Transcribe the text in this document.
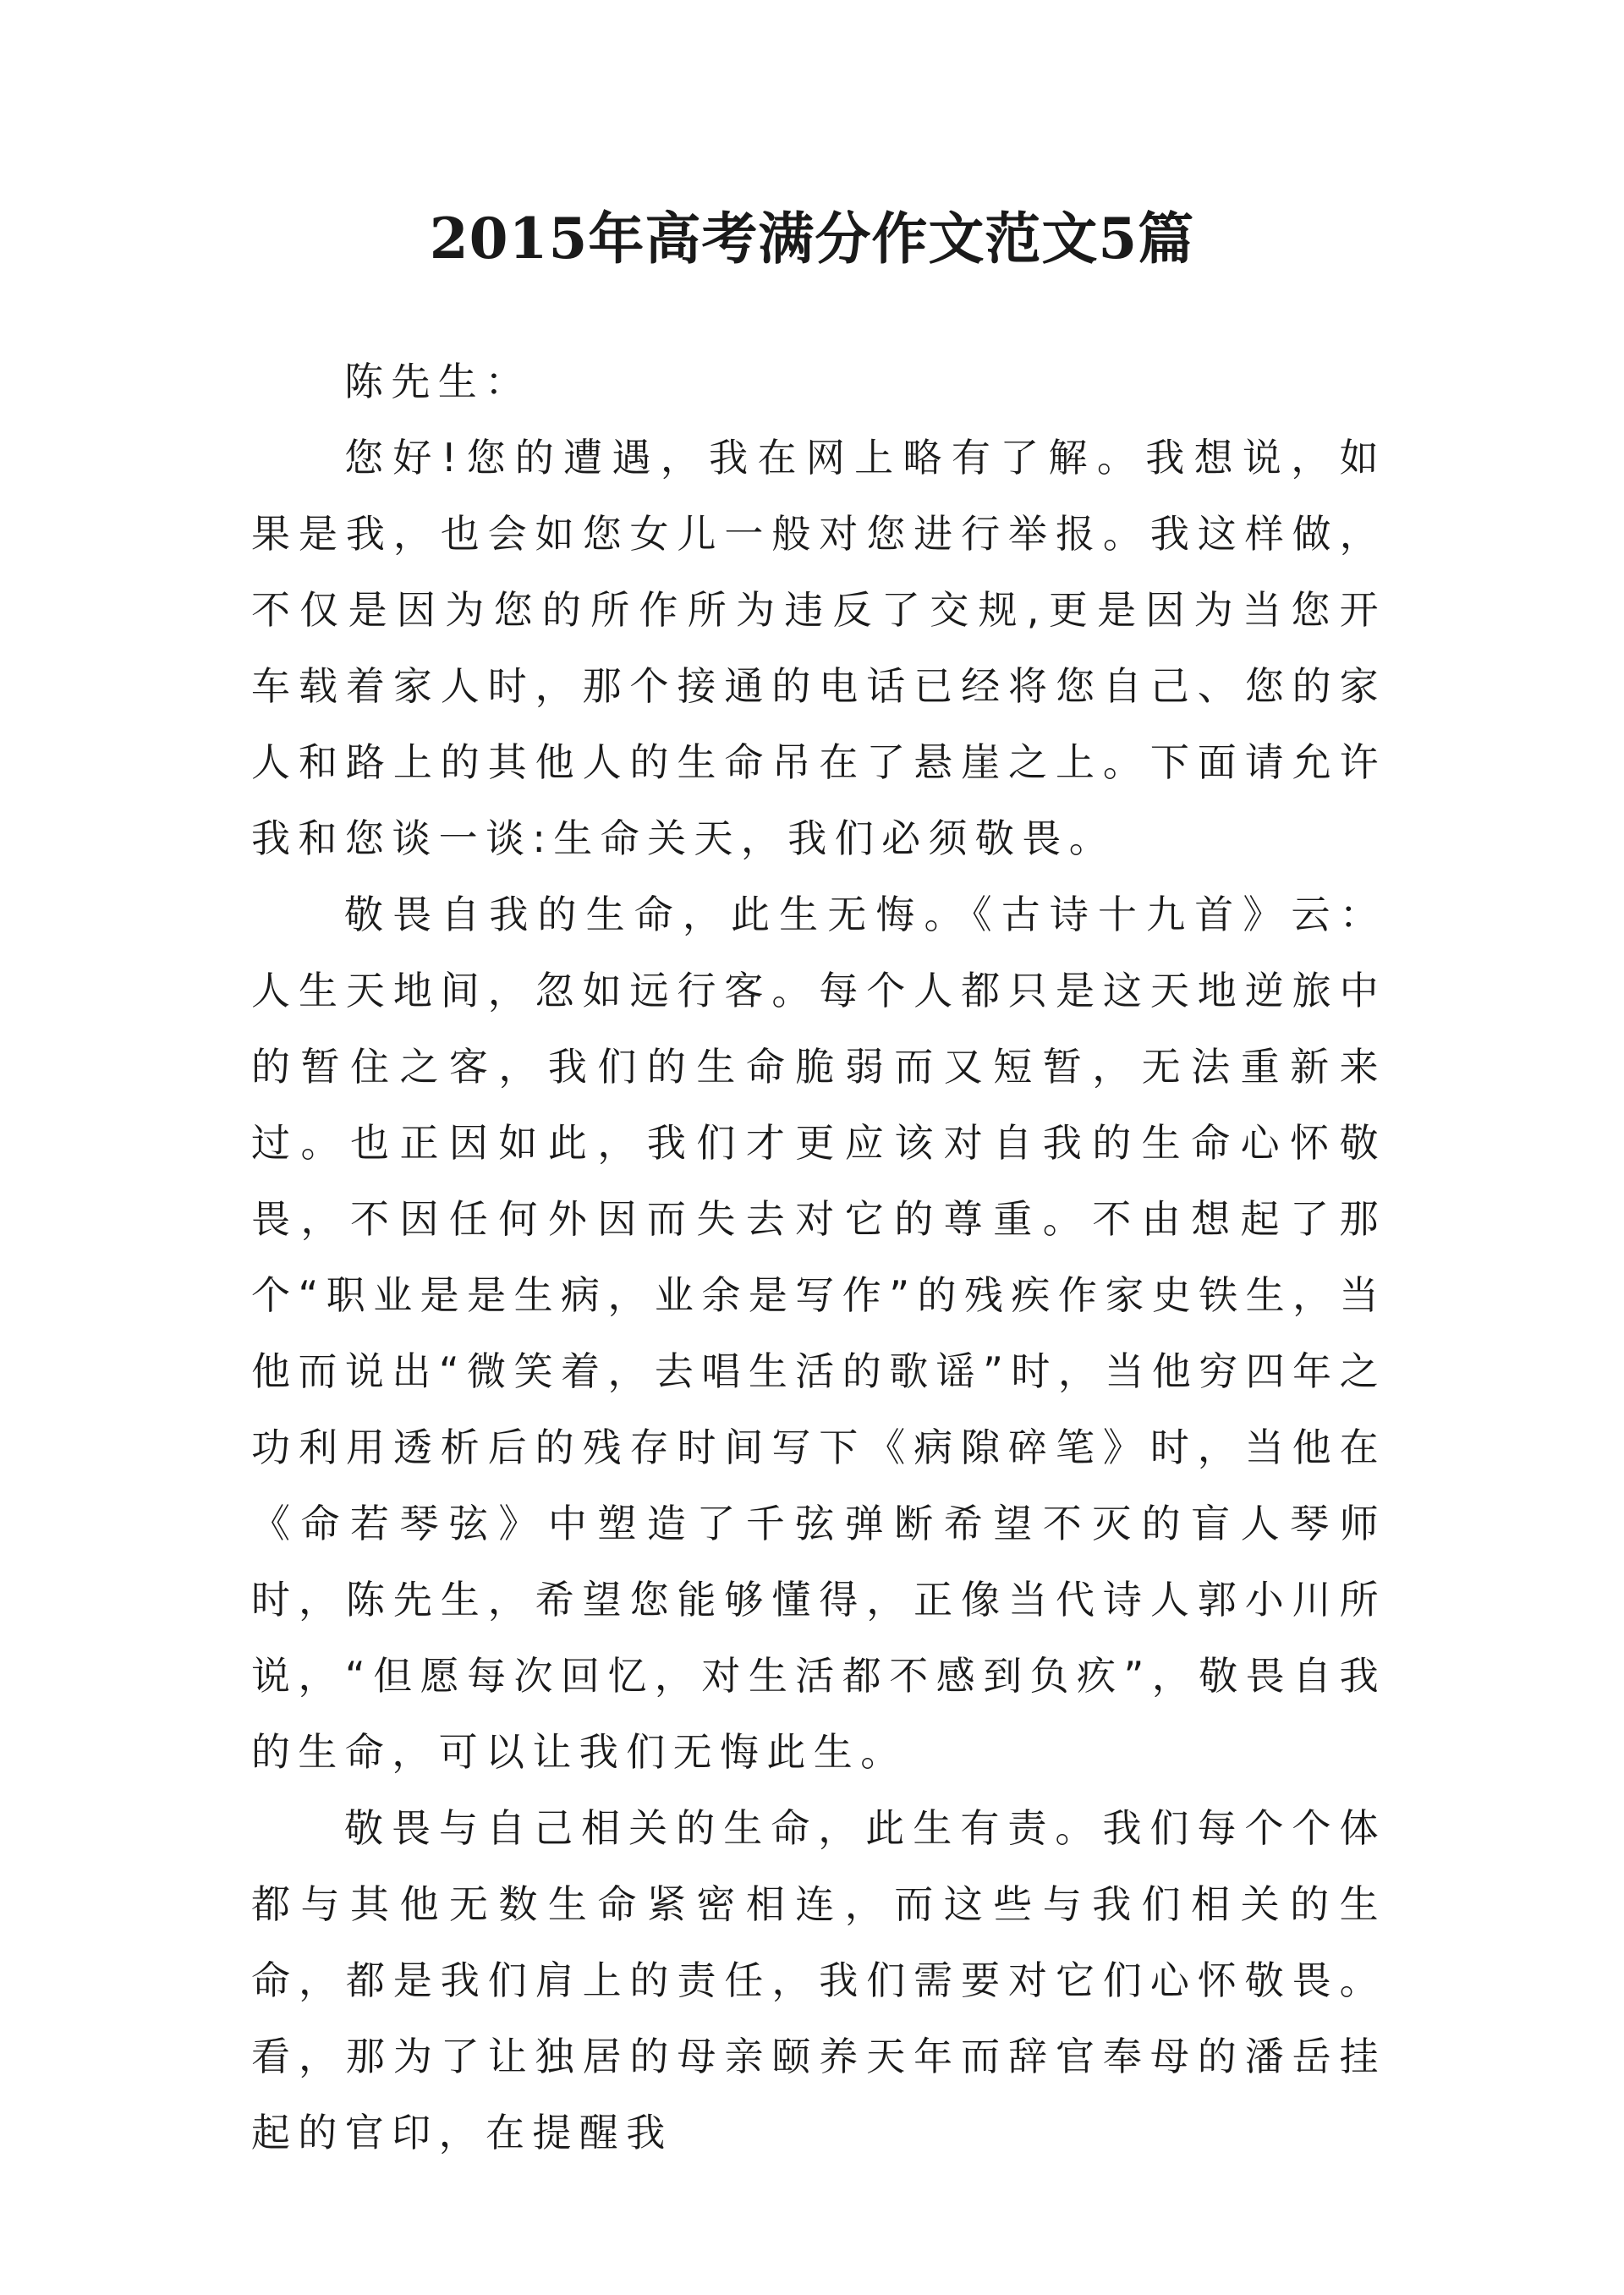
2015年高考满分作文范文5篇

陈先生：

您好!您的遭遇，我在网上略有了解。我想说，如果是我，也会如您女儿一般对您进行举报。我这样做，不仅是因为您的所作所为违反了交规,更是因为当您开车载着家人时，那个接通的电话已经将您自己、您的家人和路上的其他人的生命吊在了悬崖之上。下面请允许我和您谈一谈:生命关天，我们必须敬畏。

敬畏自我的生命，此生无悔。《古诗十九首》云：人生天地间，忽如远行客。每个人都只是这天地逆旅中的暂住之客，我们的生命脆弱而又短暂，无法重新来过。也正因如此，我们才更应该对自我的生命心怀敬畏，不因任何外因而失去对它的尊重。不由想起了那个“职业是是生病，业余是写作”的残疾作家史铁生，当他而说出“微笑着，去唱生活的歌谣”时，当他穷四年之功利用透析后的残存时间写下《病隙碎笔》时，当他在《命若琴弦》中塑造了千弦弹断希望不灭的盲人琴师时，陈先生，希望您能够懂得，正像当代诗人郭小川所说，“但愿每次回忆，对生活都不感到负疚”，敬畏自我的生命，可以让我们无悔此生。

敬畏与自己相关的生命，此生有责。我们每个个体都与其他无数生命紧密相连，而这些与我们相关的生命，都是我们肩上的责任，我们需要对它们心怀敬畏。看，那为了让独居的母亲颐养天年而辞官奉母的潘岳挂起的官印，在提醒我
